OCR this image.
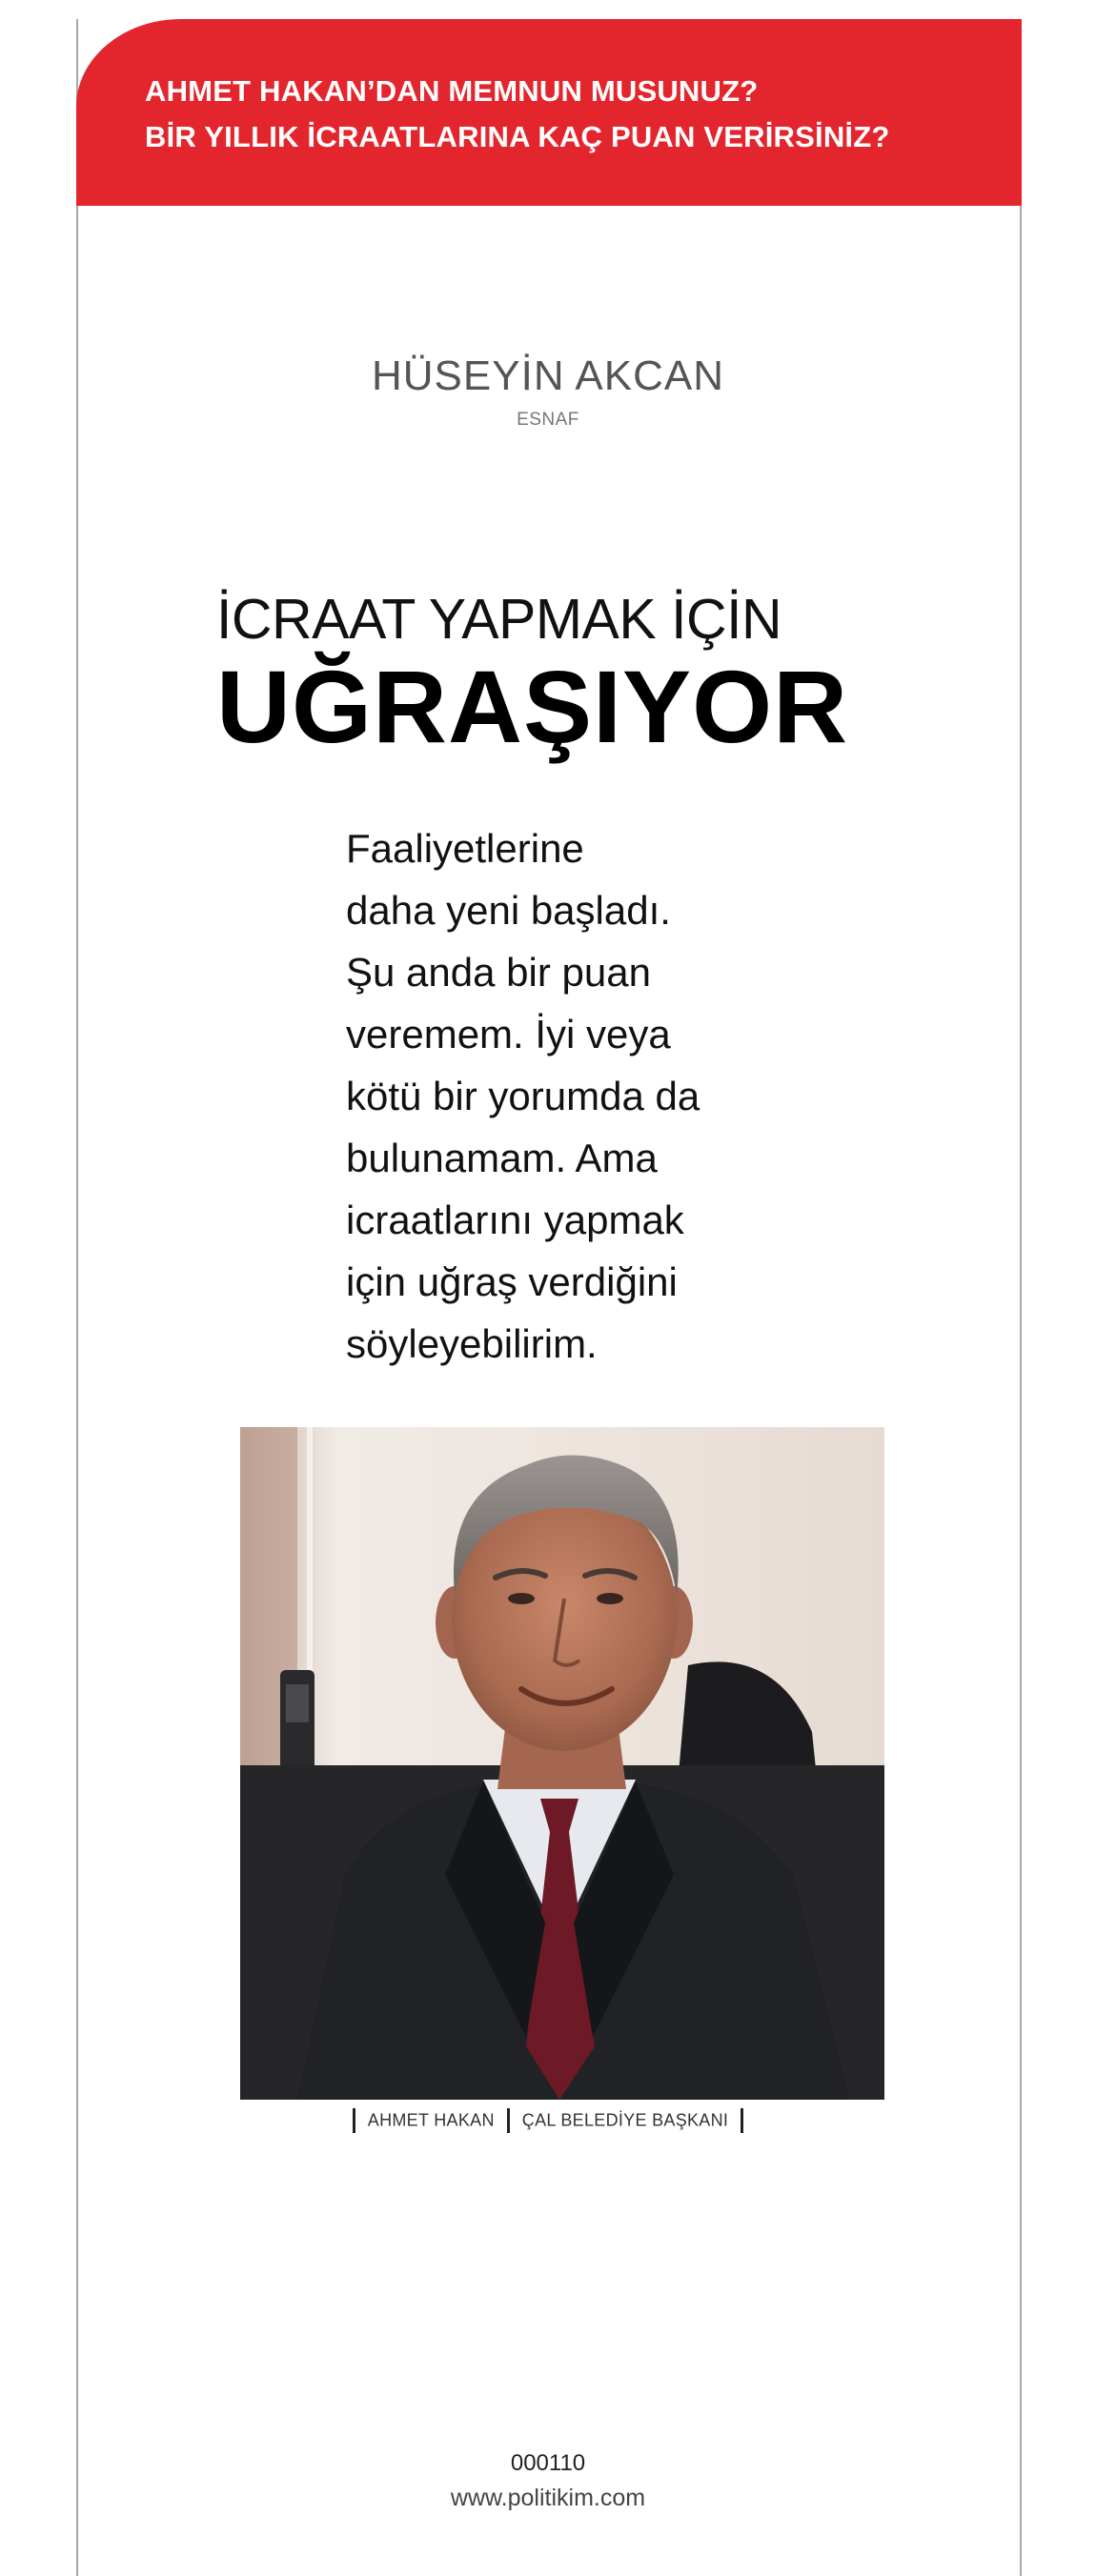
AHMET HAKAN’DAN MEMNUN MUSUNUZ?
BİR YILLIK İCRAATLARINA KAÇ PUAN VERİRSİNİZ?
HÜSEYİN AKCAN
ESNAF
İCRAAT YAPMAK İÇİN
UĞRAŞIYOR
Faaliyetlerine
daha yeni başladı.
Şu anda bir puan
veremem. İyi veya
kötü bir yorumda da
bulunamam. Ama
icraatlarını yapmak
için uğraş verdiğini
söyleyebilirim.
AHMET HAKAN ÇAL BELEDİYE BAŞKANI
000110
www.politikim.com
